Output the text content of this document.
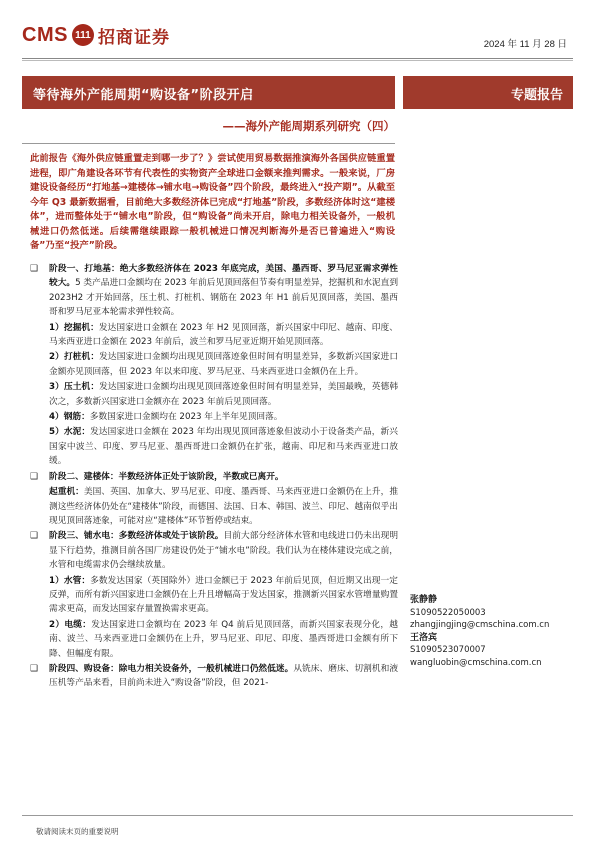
CMS 111 招商证券	2024 年 11 月 28 日
等待海外产能周期“购设备”阶段开启	专题报告
——海外产能周期系列研究（四）
此前报告《海外供应链重置走到哪一步了？》尝试使用贸易数据推演海外各国供应链重置进程，即广角建设各环节有代表性的实物资产全球进口金额来推判需求。一般来说，厂房建设设备经历“打地基→建楼体→铺水电→购设备”四个阶段，最终进入“投产期”。从截至今年 Q3 最新数据看，目前绝大多数经济体已完成“打地基”阶段，多数经济体时这“建楼体”，进而整体处于“铺水电”阶段，但“购设备”尚未开启，除电力相关设备外，一般机械进口仍然低迷。后续需继续跟踪一般机械进口情况判断海外是否已普遍进入“购设备”乃至“投产”阶段。
❑ 阶段一、打地基：绝大多数经济体在 2023 年底完成，美国、墨西哥、罗马尼亚需求弹性较大。5 类产品进口金额均在 2023 年前后见顶回落但节奏有明显差异，挖掘机和水泥直到 2023H2 才开始回落，压土机、打桩机、钢筋在 2023 年 H1 前后见顶回落，美国、墨西哥和罗马尼亚本轮需求弹性较高。
1）挖掘机：发达国家进口金额在 2023 年 H2 见顶回落，新兴国家中印尼、越南、印度、马来西亚进口金额在 2023 年前后，波兰和罗马尼亚近期开始见顶回落。
2）打桩机：发达国家进口金额均出现见顶回落迹象但时间有明显差异，多数新兴国家进口金额亦见顶回落，但 2023 年以来印度、罗马尼亚、马来西亚进口金额仍在上升。
3）压土机：发达国家进口金额均出现见顶回落迹象但时间有明显差异，美国最晚，英德韩次之，多数新兴国家进口金额亦在 2023 年前后见顶回落。
4）钢筋：多数国家进口金额均在 2023 年上半年见顶回落。
5）水泥：发达国家进口金额在 2023 年均出现见顶回落迹象但波动小于设备类产品，新兴国家中波兰、印度、罗马尼亚、墨西哥进口金额仍在扩张，越南、印尼和马来西亚进口放缓。
❑ 阶段二、建楼体：半数经济体正处于该阶段，半数或已离开。
起重机：美国、英国、加拿大、罗马尼亚、印度、墨西哥、马来西亚进口金额仍在上升，推测这些经济体仍处在“建楼体”阶段，而德国、法国、日本、韩国、波兰、印尼、越南似乎出现见顶回落迹象，可能对应“建楼体”环节暂停或结束。
❑ 阶段三、铺水电：多数经济体或处于该阶段。目前大部分经济体水管和电线进口仍未出现明显下行趋势，推测目前各国厂房建设仍处于“铺水电”阶段。我们认为在楼体建设完成之前，水管和电缆需求仍会继续放量。
1）水管：多数发达国家（英国除外）进口金额已于 2023 年前后见顶，但近期又出现一定反弹，而所有新兴国家进口金额仍在上升且增幅高于发达国家，推测新兴国家水管增量购置需求更高，而发达国家存量置换需求更高。
2）电缆：发达国家进口金额均在 2023 年 Q4 前后见顶回落，而新兴国家表现分化，越南、波兰、马来西亚进口金额仍在上升，罗马尼亚、印尼、印度、墨西哥进口金额有所下降、但幅度有限。
❑ 阶段四、购设备：除电力相关设备外，一般机械进口仍然低迷。从铣床、磨床、切割机和液压机等产品来看，目前尚未进入“购设备”阶段，但 2021-
张静静
S1090522050003
zhangjingjing@cmschina.com.cn
王洛宾
S1090523070007
wangluobin@cmschina.com.cn
敬请阅读末页的重要说明
